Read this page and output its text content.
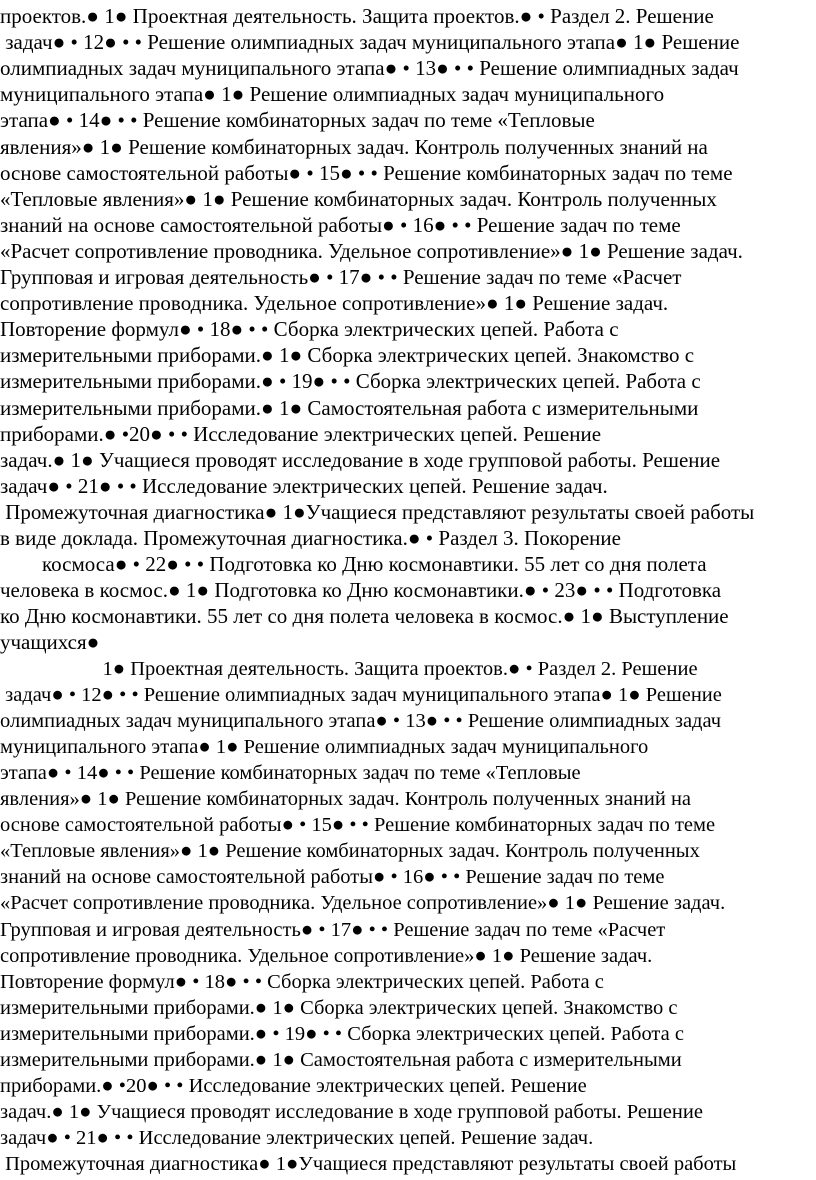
проектов.● 1● Проектная деятельность. Защита проектов.● • Раздел 2. Решение
задач● • 12● • • Решение олимпиадных задач муниципального этапа● 1● Решение
олимпиадных задач муниципального этапа● • 13● • • Решение олимпиадных задач
муниципального этапа● 1● Решение олимпиадных задач муниципального
этапа● • 14● • • Решение комбинаторных задач по теме «Тепловые
явления»● 1● Решение комбинаторных задач. Контроль полученных знаний на
основе самостоятельной работы● • 15● • • Решение комбинаторных задач по теме
«Тепловые явления»● 1● Решение комбинаторных задач. Контроль полученных
знаний на основе самостоятельной работы● • 16● • • Решение задач по теме
«Расчет сопротивление проводника. Удельное сопротивление»● 1● Решение задач.
Групповая и игровая деятельность● • 17● • • Решение задач по теме «Расчет
сопротивление проводника. Удельное сопротивление»● 1● Решение задач.
Повторение формул● • 18● • • Сборка электрических цепей. Работа с
измерительными приборами.● 1● Сборка электрических цепей. Знакомство с
измерительными приборами.● • 19● • • Сборка электрических цепей. Работа с
измерительными приборами.● 1● Самостоятельная работа с измерительными
приборами.● •20● • • Исследование электрических цепей. Решение
задач.● 1● Учащиеся проводят исследование в ходе групповой работы. Решение
задач● • 21● • • Исследование электрических цепей. Решение задач.
Промежуточная диагностика● 1●Учащиеся представляют результаты своей работы
в виде доклада. Промежуточная диагностика.● • Раздел 3. Покорение
космоса● • 22● • • Подготовка ко Дню космонавтики. 55 лет со дня полета
человека в космос.● 1● Подготовка ко Дню космонавтики.● • 23● • • Подготовка
ко Дню космонавтики. 55 лет со дня полета человека в космос.● 1● Выступление
учащихся●
1● Проектная деятельность. Защита проектов.● • Раздел 2. Решение
задач● • 12● • • Решение олимпиадных задач муниципального этапа● 1● Решение
олимпиадных задач муниципального этапа● • 13● • • Решение олимпиадных задач
муниципального этапа● 1● Решение олимпиадных задач муниципального
этапа● • 14● • • Решение комбинаторных задач по теме «Тепловые
явления»● 1● Решение комбинаторных задач. Контроль полученных знаний на
основе самостоятельной работы● • 15● • • Решение комбинаторных задач по теме
«Тепловые явления»● 1● Решение комбинаторных задач. Контроль полученных
знаний на основе самостоятельной работы● • 16● • • Решение задач по теме
«Расчет сопротивление проводника. Удельное сопротивление»● 1● Решение задач.
Групповая и игровая деятельность● • 17● • • Решение задач по теме «Расчет
сопротивление проводника. Удельное сопротивление»● 1● Решение задач.
Повторение формул● • 18● • • Сборка электрических цепей. Работа с
измерительными приборами.● 1● Сборка электрических цепей. Знакомство с
измерительными приборами.● • 19● • • Сборка электрических цепей. Работа с
измерительными приборами.● 1● Самостоятельная работа с измерительными
приборами.● •20● • • Исследование электрических цепей. Решение
задач.● 1● Учащиеся проводят исследование в ходе групповой работы. Решение
задач● • 21● • • Исследование электрических цепей. Решение задач.
Промежуточная диагностика● 1●Учащиеся представляют результаты своей работы
